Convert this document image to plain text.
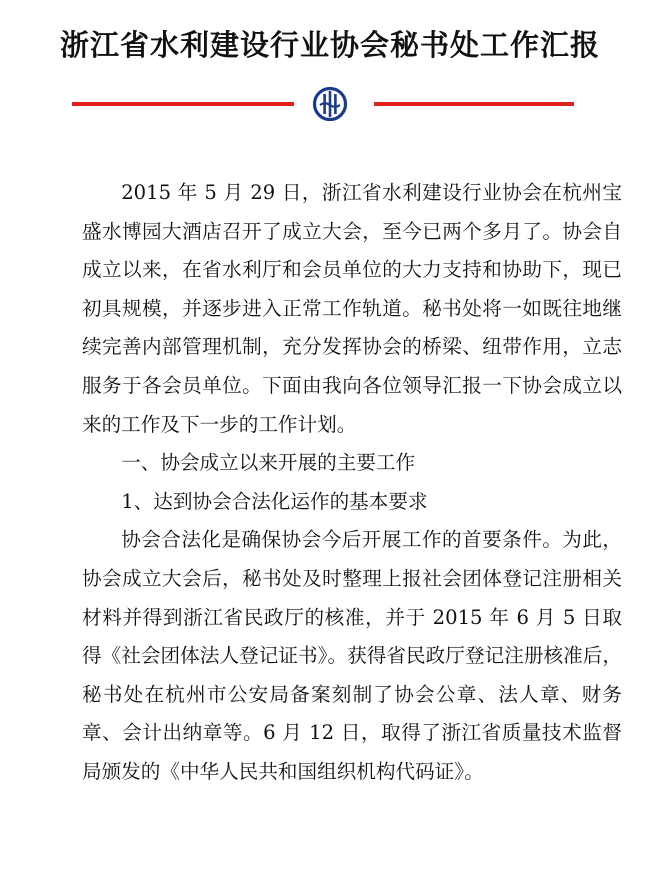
浙江省水利建设行业协会秘书处工作汇报

2015 年 5 月 29 日，浙江省水利建设行业协会在杭州宝盛水博园大酒店召开了成立大会，至今已两个多月了。协会自成立以来，在省水利厅和会员单位的大力支持和协助下，现已初具规模，并逐步进入正常工作轨道。秘书处将一如既往地继续完善内部管理机制，充分发挥协会的桥梁、纽带作用，立志服务于各会员单位。下面由我向各位领导汇报一下协会成立以来的工作及下一步的工作计划。

一、协会成立以来开展的主要工作

1、达到协会合法化运作的基本要求

协会合法化是确保协会今后开展工作的首要条件。为此，协会成立大会后，秘书处及时整理上报社会团体登记注册相关材料并得到浙江省民政厅的核准，并于 2015 年 6 月 5 日取得《社会团体法人登记证书》。获得省民政厅登记注册核准后，秘书处在杭州市公安局备案刻制了协会公章、法人章、财务章、会计出纳章等。6 月 12 日，取得了浙江省质量技术监督局颁发的《中华人民共和国组织机构代码证》。
